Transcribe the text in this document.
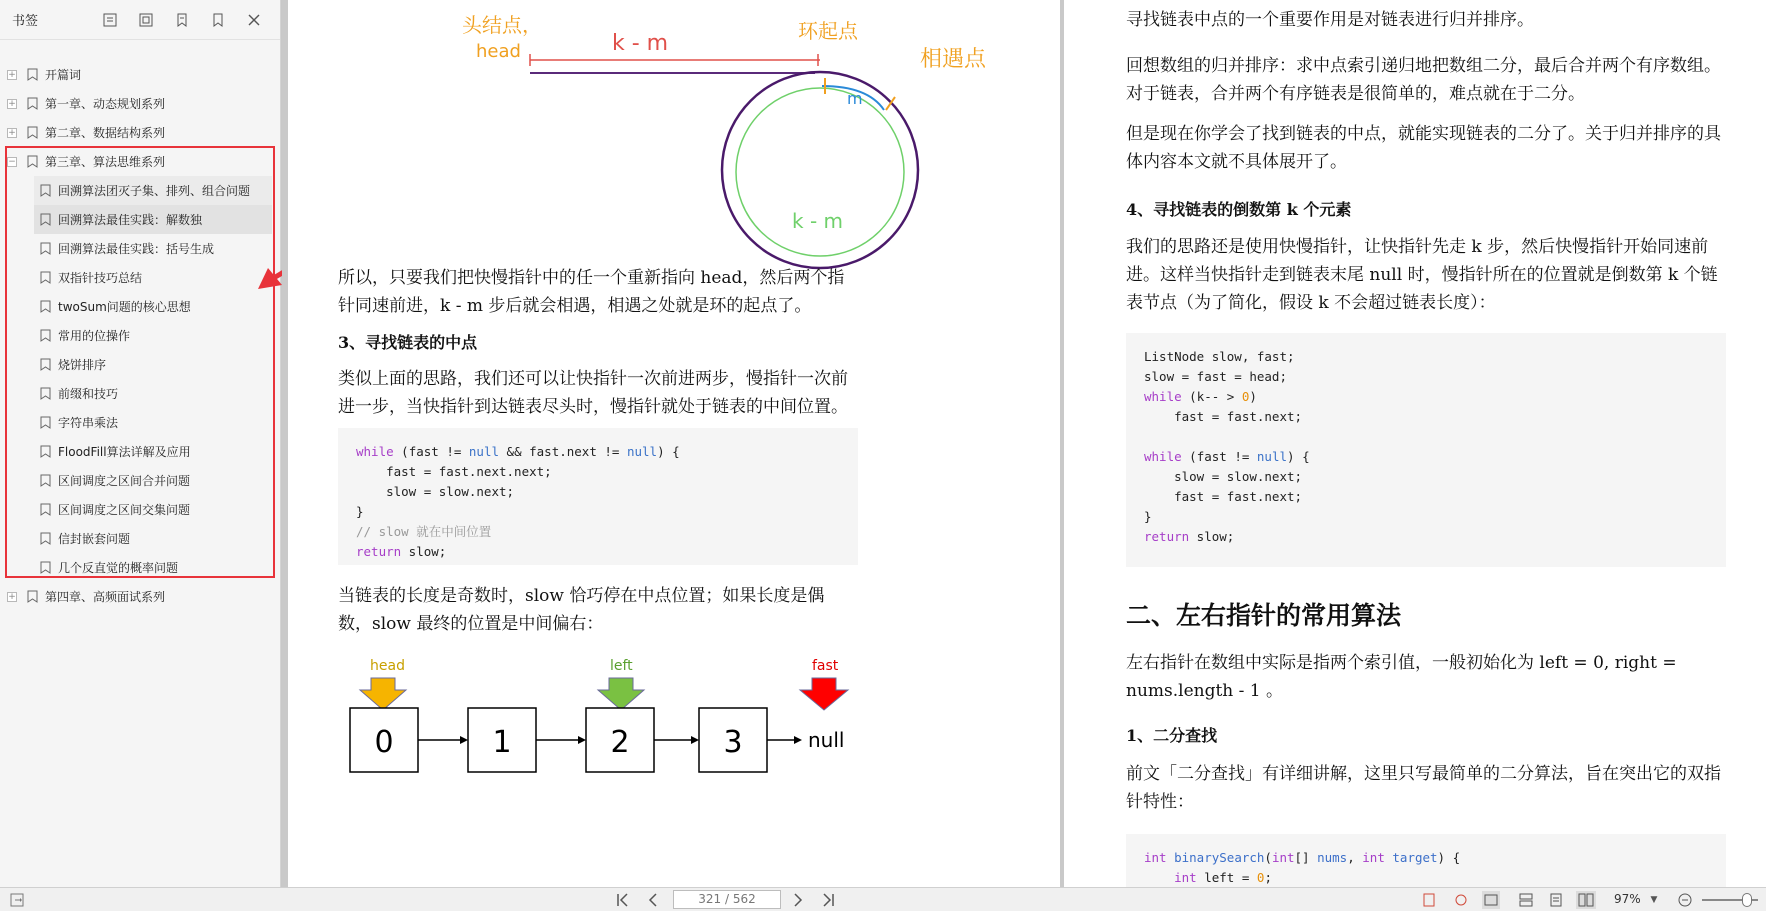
书签
+ 开篇词
+ 第一章、动态规划系列
+ 第二章、数据结构系列
− 第三章、算法思维系列
回溯算法团灭子集、排列、组合问题
回溯算法最佳实践：解数独
回溯算法最佳实践：括号生成
双指针技巧总结
twoSum问题的核心思想
常用的位操作
烧饼排序
前缀和技巧
字符串乘法
FloodFill算法详解及应用
区间调度之区间合并问题
区间调度之区间交集问题
信封嵌套问题
几个反直觉的概率问题
+ 第四章、高频面试系列
头结点，
head	k - m	环起点
相遇点
m
k - m
所以，只要我们把快慢指针中的任一个重新指向 head，然后两个指针同速前进，k - m 步后就会相遇，相遇之处就是环的起点了。
3、寻找链表的中点
类似上面的思路，我们还可以让快指针一次前进两步，慢指针一次前进一步，当快指针到达链表尽头时，慢指针就处于链表的中间位置。
while (fast != null && fast.next != null) {
fast = fast.next.next;
slow = slow.next;
}
// slow 就在中间位置
return slow;
当链表的长度是奇数时，slow 恰巧停在中点位置；如果长度是偶数，slow 最终的位置是中间偏右：
head	left	fast
0	1	2	3	null
寻找链表中点的一个重要作用是对链表进行归并排序。
回想数组的归并排序：求中点索引递归地把数组二分，最后合并两个有序数组。对于链表，合并两个有序链表是很简单的，难点就在于二分。
但是现在你学会了找到链表的中点，就能实现链表的二分了。关于归并排序的具体内容本文就不具体展开了。
4、寻找链表的倒数第 k 个元素
我们的思路还是使用快慢指针，让快指针先走 k 步，然后快慢指针开始同速前进。这样当快指针走到链表末尾 null 时，慢指针所在的位置就是倒数第 k 个链表节点（为了简化，假设 k 不会超过链表长度）：
ListNode slow, fast;
slow = fast = head;
while (k-- > 0)
fast = fast.next;

while (fast != null) {
slow = slow.next;
fast = fast.next;
}
return slow;
二、左右指针的常用算法
左右指针在数组中实际是指两个索引值，一般初始化为 left = 0, right = nums.length - 1 。
1、二分查找
前文「二分查找」有详细讲解，这里只写最简单的二分算法，旨在突出它的双指针特性：
int binarySearch(int[] nums, int target) {
int left = 0;
321 / 562	97% ▼
